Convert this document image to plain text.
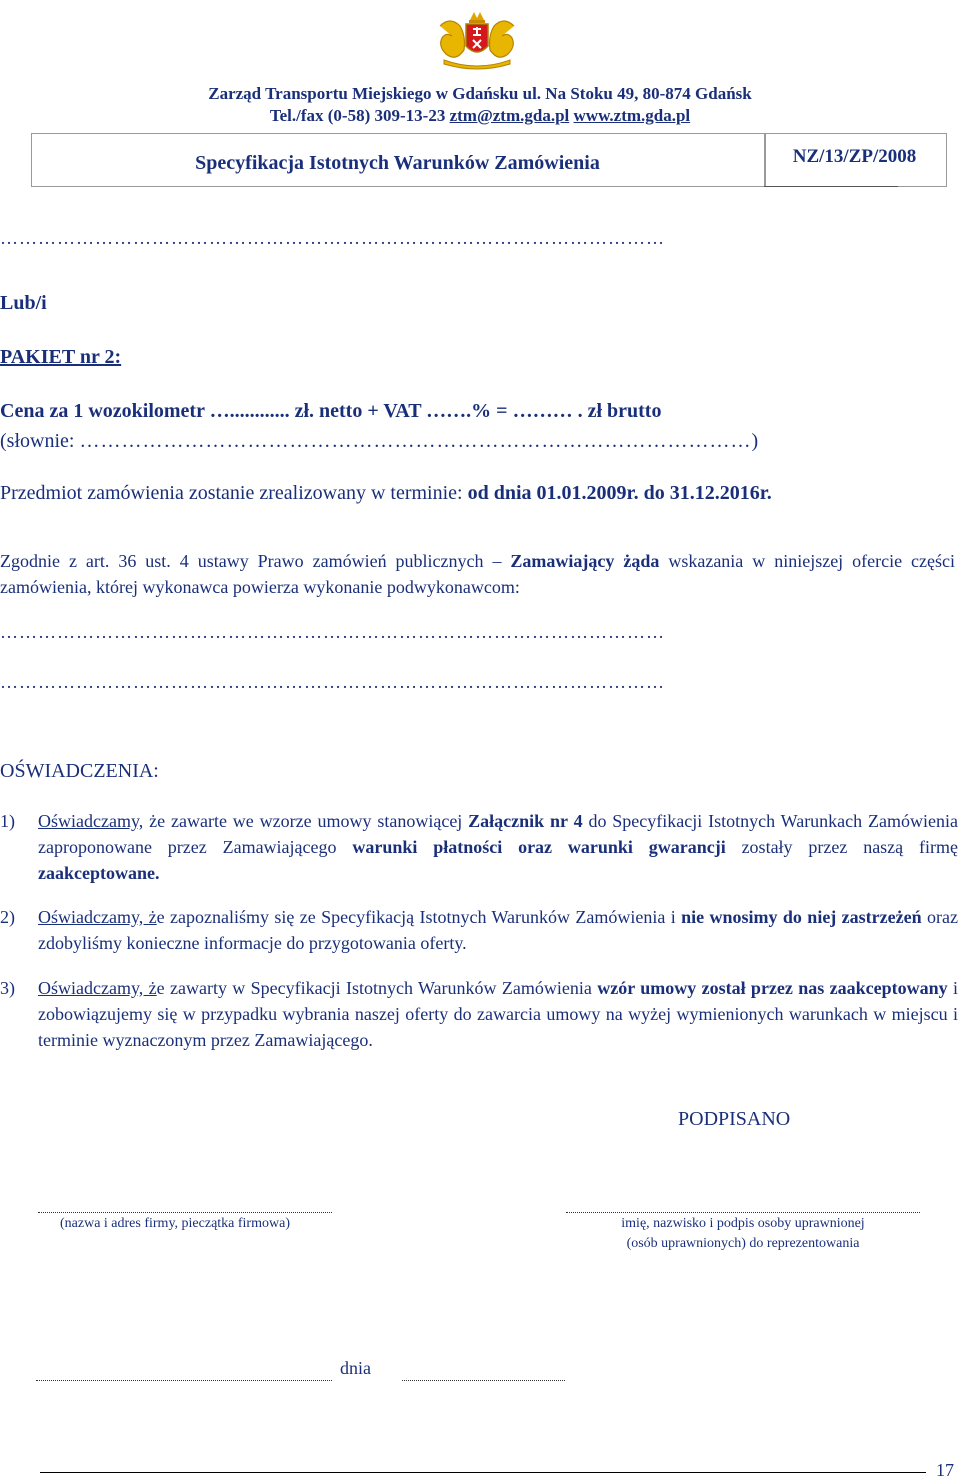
Zarząd Transportu Miejskiego w Gdańsku ul. Na Stoku 49, 80-874 Gdańsk
Tel./fax (0-58) 309-13-23 ztm@ztm.gda.pl www.ztm.gda.pl
Specyfikacja Istotnych Warunków Zamówienia	NZ/13/ZP/2008
……………………………………………………………………………………………
Lub/i
PAKIET nr 2:
Cena za 1 wozokilometr …............ zł. netto + VAT …….% = ……… . zł brutto
(słownie: ……………………………………………………………………………………)
Przedmiot zamówienia zostanie zrealizowany w terminie: od dnia 01.01.2009r. do 31.12.2016r.
Zgodnie z art. 36 ust. 4 ustawy Prawo zamówień publicznych – Zamawiający żąda wskazania w niniejszej ofercie części zamówienia, której wykonawca powierza wykonanie podwykonawcom:
……………………………………………………………………………………………
……………………………………………………………………………………………
OŚWIADCZENIA:
1) Oświadczamy, że zawarte we wzorze umowy stanowiącej Załącznik nr 4 do Specyfikacji Istotnych Warunkach Zamówienia zaproponowane przez Zamawiającego warunki płatności oraz warunki gwarancji zostały przez naszą firmę zaakceptowane.
2) Oświadczamy, że zapoznaliśmy się ze Specyfikacją Istotnych Warunków Zamówienia i nie wnosimy do niej zastrzeżeń oraz zdobyliśmy konieczne informacje do przygotowania oferty.
3) Oświadczamy, że zawarty w Specyfikacji Istotnych Warunków Zamówienia wzór umowy został przez nas zaakceptowany i zobowiązujemy się w przypadku wybrania naszej oferty do zawarcia umowy na wyżej wymienionych warunkach w miejscu i terminie wyznaczonym przez Zamawiającego.
PODPISANO
(nazwa i adres firmy, pieczątka firmowa)	imię, nazwisko i podpis osoby uprawnionej
(osób uprawnionych) do reprezentowania
dnia
17
